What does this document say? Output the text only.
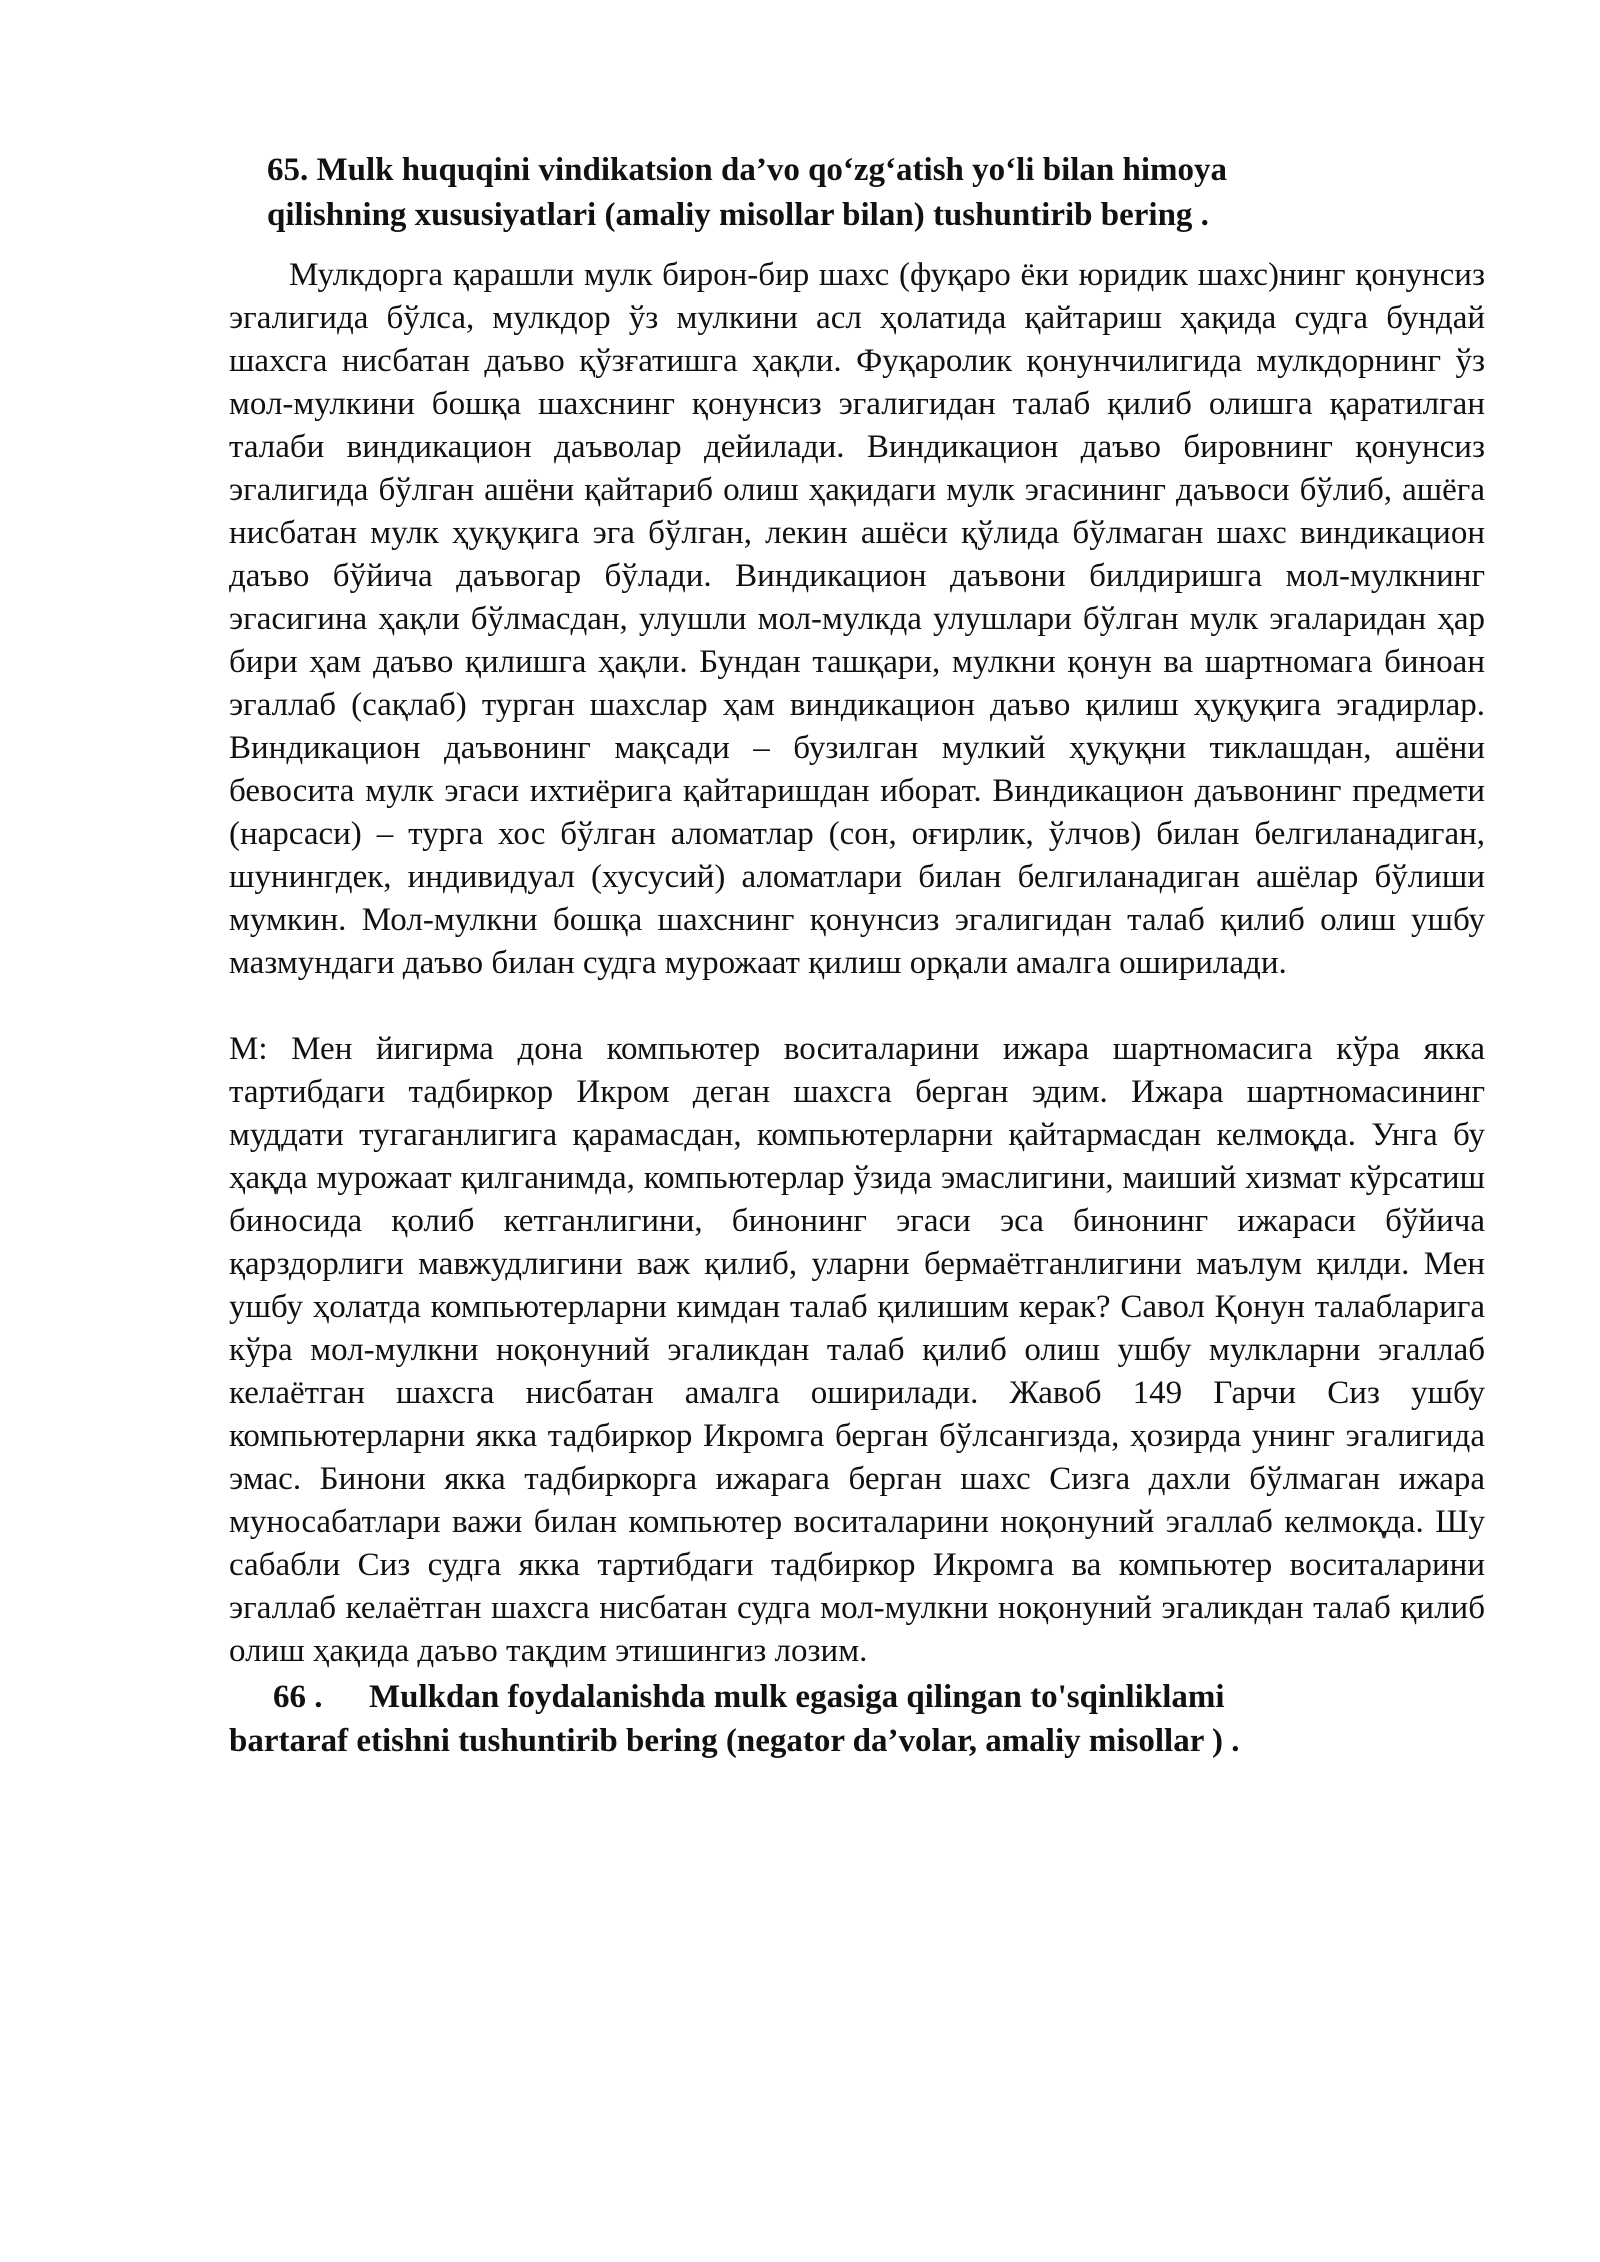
65. Mulk huquqini vindikatsion da’vo qo‘zg‘atish yo‘li bilan himoya
qilishning xususiyatlari (amaliy misollar bilan) tushuntirib bering .

Мулкдорга қарашли мулк бирон-бир шахс (фуқаро ёки юридик шахс)нинг қонунсиз эгалигида бўлса, мулкдор ўз мулкини асл ҳолатида қайтариш ҳақида судга бундай шахсга нисбатан даъво қўзғатишга ҳақли. Фуқаролик қонунчилигида мулкдорнинг ўз мол-мулкини бошқа шахснинг қонунсиз эгалигидан талаб қилиб олишга қаратилган талаби виндикацион даъволар дейилади. Виндикацион даъво бировнинг қонунсиз эгалигида бўлган ашёни қайтариб олиш ҳақидаги мулк эгасининг даъвоси бўлиб, ашёга нисбатан мулк ҳуқуқига эга бўлган, лекин ашёси қўлида бўлмаган шахс виндикацион даъво бўйича даъвогар бўлади. Виндикацион даъвони билдиришга мол-мулкнинг эгасигина ҳақли бўлмасдан, улушли мол-мулкда улушлари бўлган мулк эгаларидан ҳар бири ҳам даъво қилишга ҳақли. Бундан ташқари, мулкни қонун ва шартномага биноан эгаллаб (сақлаб) турган шахслар ҳам виндикацион даъво қилиш ҳуқуқига эгадирлар. Виндикацион даъвонинг мақсади – бузилган мулкий ҳуқуқни тиклашдан, ашёни бевосита мулк эгаси ихтиёрига қайтаришдан иборат. Виндикацион даъвонинг предмети (нарсаси) – турга хос бўлган аломатлар (сон, оғирлик, ўлчов) билан белгиланадиган, шунингдек, индивидуал (хусусий) аломатлари билан белгиланадиган ашёлар бўлиши мумкин. Мол-мулкни бошқа шахснинг қонунсиз эгалигидан талаб қилиб олиш ушбу мазмундаги даъво билан судга мурожаат қилиш орқали амалга оширилади.

М: Мен йигирма дона компьютер воситаларини ижара шартномасига кўра якка тартибдаги тадбиркор Икром деган шахсга берган эдим. Ижара шартномасининг муддати тугаганлигига қарамасдан, компьютерларни қайтармасдан келмоқда. Унга бу ҳақда мурожаат қилганимда, компьютерлар ўзида эмаслигини, маиший хизмат кўрсатиш биносида қолиб кетганлигини, бинонинг эгаси эса бинонинг ижараси бўйича қарздорлиги мавжудлигини важ қилиб, уларни бермаётганлигини маълум қилди. Мен ушбу ҳолатда компьютерларни кимдан талаб қилишим керак? Савол Қонун талабларига кўра мол-мулкни ноқонуний эгаликдан талаб қилиб олиш ушбу мулкларни эгаллаб келаётган шахсга нисбатан амалга оширилади. Жавоб 149 Гарчи Сиз ушбу компьютерларни якка тадбиркор Икромга берган бўлсангизда, ҳозирда унинг эгалигида эмас. Бинони якка тадбиркорга ижарага берган шахс Сизга дахли бўлмаган ижара муносабатлари важи билан компьютер воситаларини ноқонуний эгаллаб келмоқда. Шу сабабли Сиз судга якка тартибдаги тадбиркор Икромга ва компьютер воситаларини эгаллаб келаётган шахсга нисбатан судга мол-мулкни ноқонуний эгаликдан талаб қилиб олиш ҳақида даъво тақдим этишингиз лозим.

66 . Mulkdan foydalanishda mulk egasiga qilingan to'sqinliklami
bartaraf etishni tushuntirib bering (negator da’volar, amaliy misollar ) .
